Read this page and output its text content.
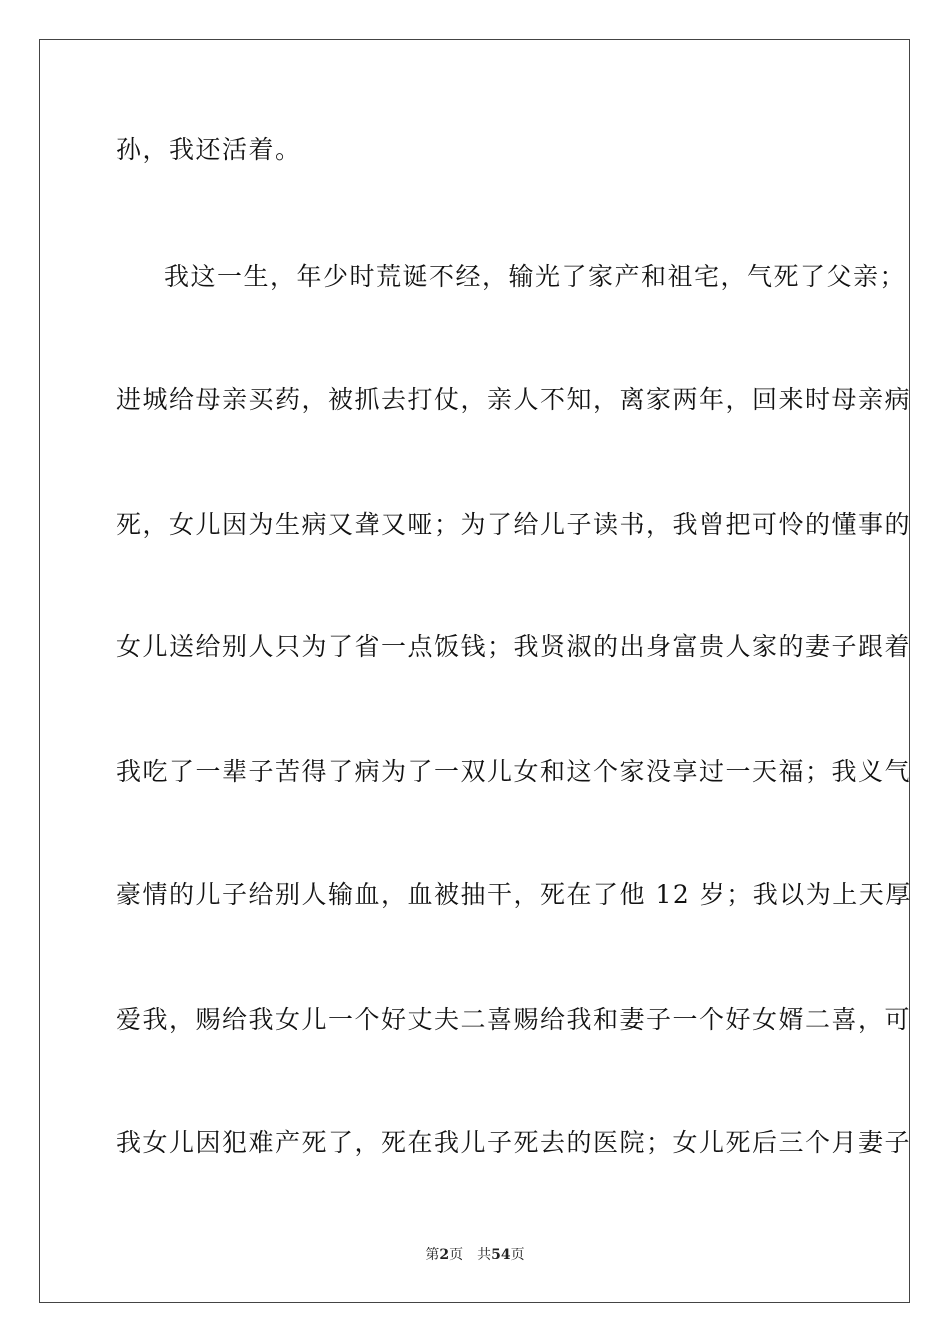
孙，我还活着。
我这一生，年少时荒诞不经，输光了家产和祖宅，气死了父亲；
进城给母亲买药，被抓去打仗，亲人不知，离家两年，回来时母亲病
死，女儿因为生病又聋又哑；为了给儿子读书，我曾把可怜的懂事的
女儿送给别人只为了省一点饭钱；我贤淑的出身富贵人家的妻子跟着
我吃了一辈子苦得了病为了一双儿女和这个家没享过一天福；我义气
豪情的儿子给别人输血，血被抽干，死在了他 12 岁；我以为上天厚
爱我，赐给我女儿一个好丈夫二喜赐给我和妻子一个好女婿二喜，可
我女儿因犯难产死了，死在我儿子死去的医院；女儿死后三个月妻子
第2页 共54页
